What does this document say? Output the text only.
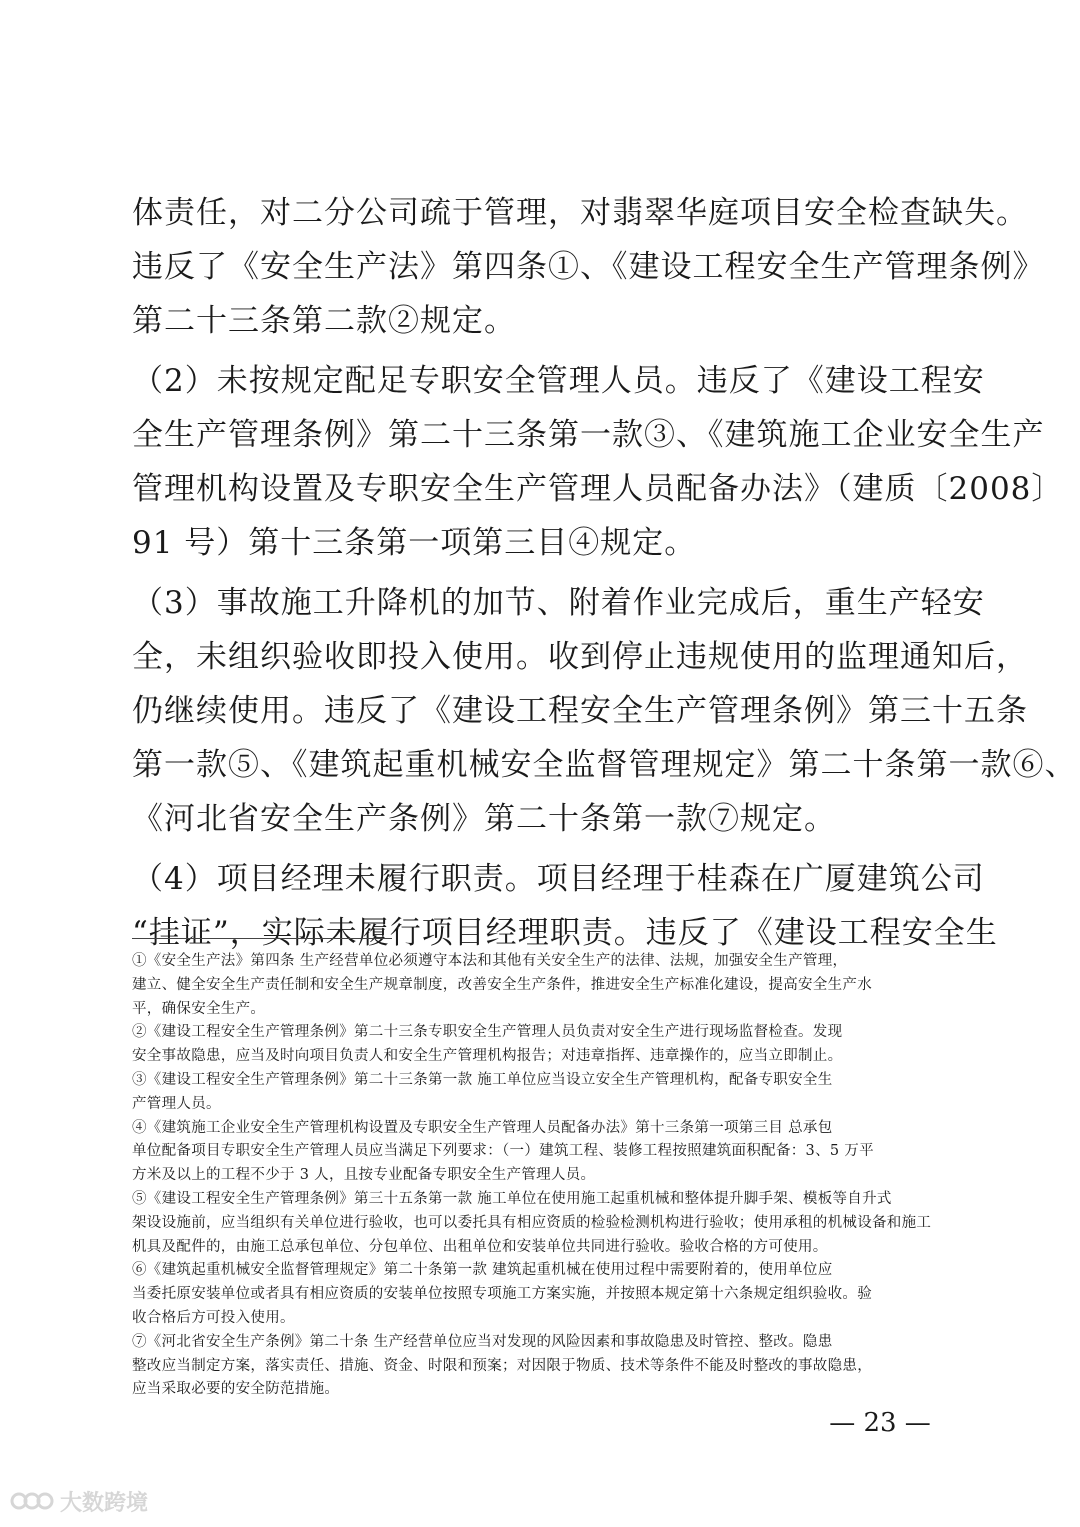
体责任，对二分公司疏于管理，对翡翠华庭项目安全检查缺失。
违反了《安全生产法》第四条①、《建设工程安全生产管理条例》
第二十三条第二款②规定。
（2）未按规定配足专职安全管理人员。违反了《建设工程安
全生产管理条例》第二十三条第一款③、《建筑施工企业安全生产
管理机构设置及专职安全生产管理人员配备办法》（建质〔2008〕
91 号）第十三条第一项第三目④规定。
（3）事故施工升降机的加节、附着作业完成后，重生产轻安
全，未组织验收即投入使用。收到停止违规使用的监理通知后，
仍继续使用。违反了《建设工程安全生产管理条例》第三十五条
第一款⑤、《建筑起重机械安全监督管理规定》第二十条第一款⑥、
《河北省安全生产条例》第二十条第一款⑦规定。
（4）项目经理未履行职责。项目经理于桂森在广厦建筑公司
“挂证”，实际未履行项目经理职责。违反了《建设工程安全生
①《安全生产法》第四条 生产经营单位必须遵守本法和其他有关安全生产的法律、法规，加强安全生产管理，
建立、健全安全生产责任制和安全生产规章制度，改善安全生产条件，推进安全生产标准化建设，提高安全生产水
平，确保安全生产。
②《建设工程安全生产管理条例》第二十三条专职安全生产管理人员负责对安全生产进行现场监督检查。发现
安全事故隐患，应当及时向项目负责人和安全生产管理机构报告；对违章指挥、违章操作的，应当立即制止。
③《建设工程安全生产管理条例》第二十三条第一款 施工单位应当设立安全生产管理机构，配备专职安全生
产管理人员。
④《建筑施工企业安全生产管理机构设置及专职安全生产管理人员配备办法》第十三条第一项第三目 总承包
单位配备项目专职安全生产管理人员应当满足下列要求：（一）建筑工程、装修工程按照建筑面积配备：3、5 万平
方米及以上的工程不少于 3 人，且按专业配备专职安全生产管理人员。
⑤《建设工程安全生产管理条例》第三十五条第一款 施工单位在使用施工起重机械和整体提升脚手架、模板等自升式
架设设施前，应当组织有关单位进行验收，也可以委托具有相应资质的检验检测机构进行验收；使用承租的机械设备和施工
机具及配件的，由施工总承包单位、分包单位、出租单位和安装单位共同进行验收。验收合格的方可使用。
⑥《建筑起重机械安全监督管理规定》第二十条第一款 建筑起重机械在使用过程中需要附着的，使用单位应
当委托原安装单位或者具有相应资质的安装单位按照专项施工方案实施，并按照本规定第十六条规定组织验收。验
收合格后方可投入使用。
⑦《河北省安全生产条例》第二十条 生产经营单位应当对发现的风险因素和事故隐患及时管控、整改。隐患
整改应当制定方案，落实责任、措施、资金、时限和预案；对因限于物质、技术等条件不能及时整改的事故隐患，
应当采取必要的安全防范措施。
— 23 —
大数跨境
